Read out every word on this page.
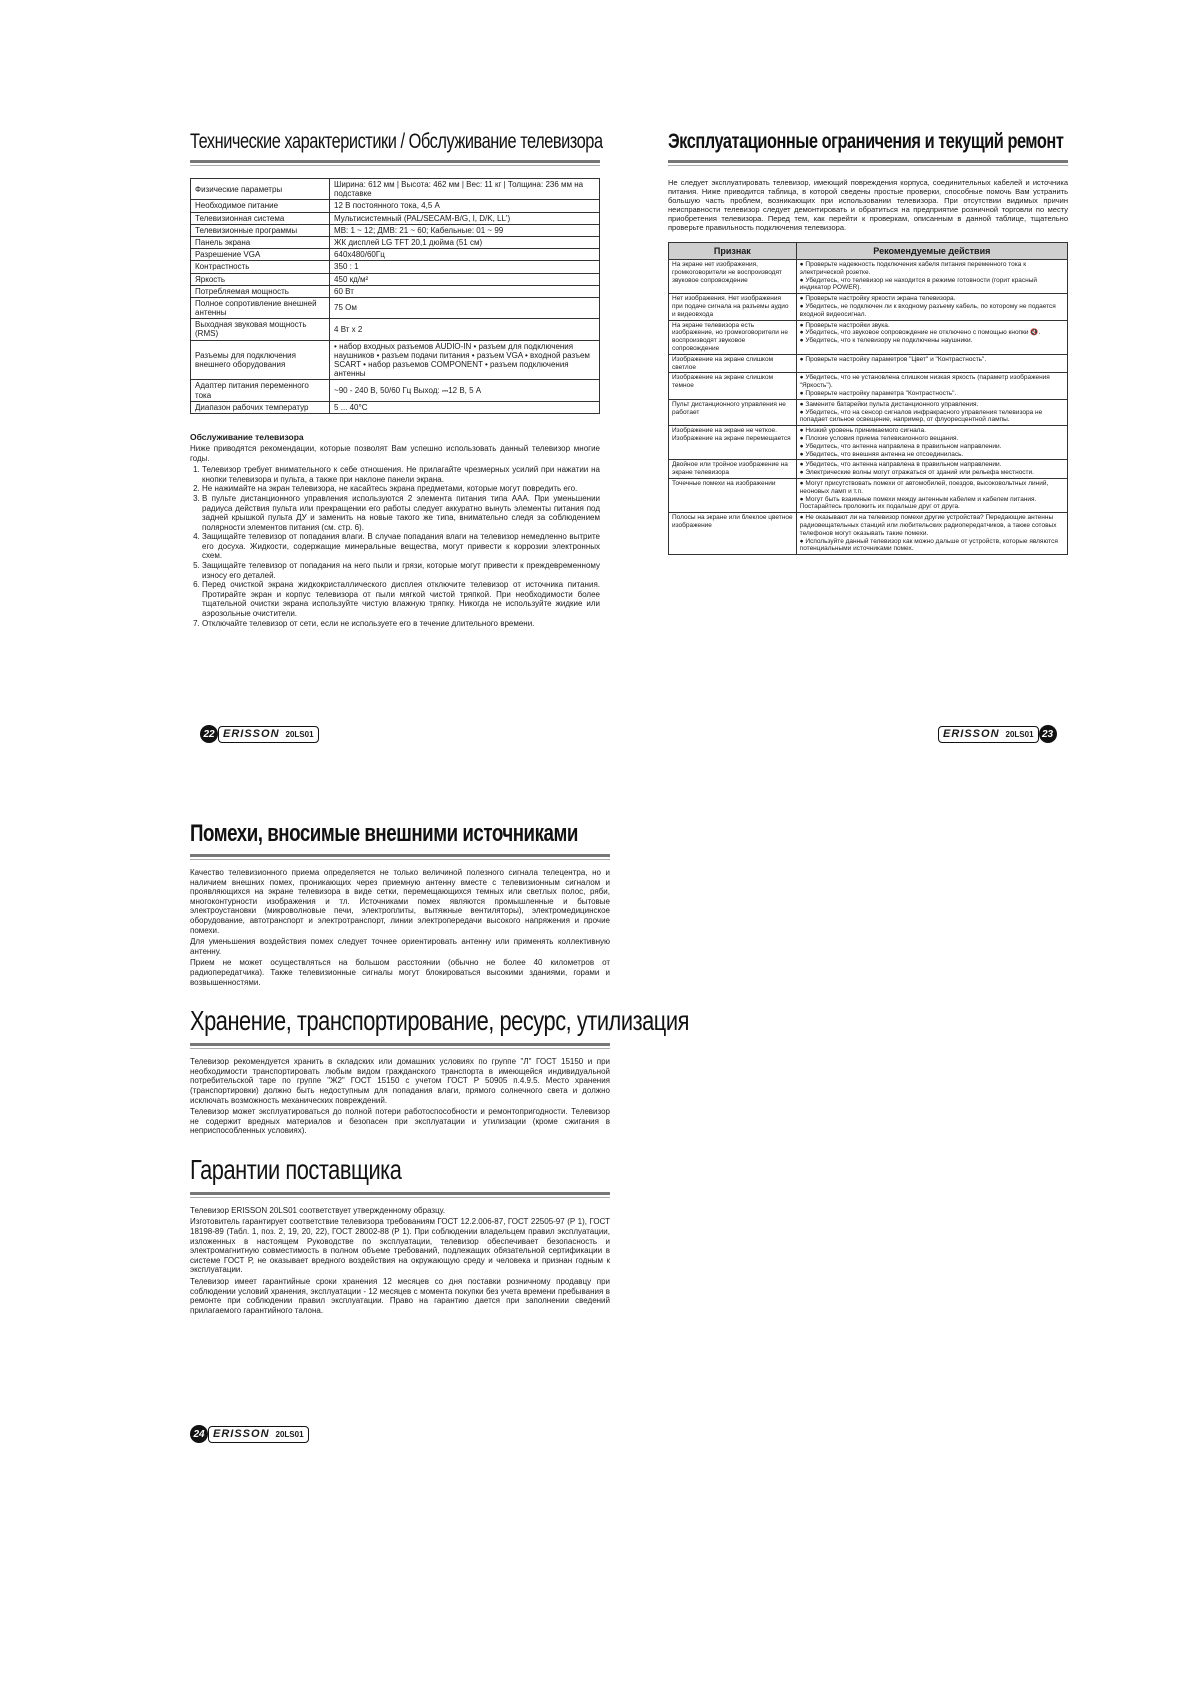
Технические характеристики / Обслуживание телевизора
Физические параметры	Ширина: 612 мм | Высота: 462 мм | Вес: 11 кг | Толщина: 236 мм на подставке
Необходимое питание	12 В постоянного тока, 4,5 А
Телевизионная система	Мультисистемный (PAL/SECAM-B/G, I, D/K, LL')
Телевизионные программы	МВ: 1 ~ 12; ДМВ: 21 ~ 60; Кабельные: 01 ~ 99
Панель экрана	ЖК дисплей LG TFT 20,1 дюйма (51 см)
Разрешение VGA	640х480/60Гц
Контрастность	350 : 1
Яркость	450 кд/м²
Потребляемая мощность	60 Вт
Полное сопротивление внешней антенны	75 Ом
Выходная звуковая мощность (RMS)	4 Вт х 2
Разъемы для подключения внешнего оборудования	• набор входных разъемов AUDIO-IN • разъем для подключения наушников • разъем подачи питания • разъем VGA • входной разъем SCART • набор разъемов COMPONENT • разъем подключения антенны
Адаптер питания переменного тока	~90 - 240 В, 50/60 Гц Выход: ⎓12 В, 5 А
Диапазон рабочих температур	5 ... 40°C
Обслуживание телевизора

Ниже приводятся рекомендации, которые позволят Вам успешно использовать данный телевизор многие годы.

1. Телевизор требует внимательного к себе отношения. Не прилагайте чрезмерных усилий при нажатии на кнопки телевизора и пульта, а также при наклоне панели экрана.
2. Не нажимайте на экран телевизора, не касайтесь экрана предметами, которые могут повредить его.
3. В пульте дистанционного управления используются 2 элемента питания типа ААА. При уменьшении радиуса действия пульта или прекращении его работы следует аккуратно вынуть элементы питания под задней крышкой пульта ДУ и заменить на новые такого же типа, внимательно следя за соблюдением полярности элементов питания (см. стр. 6).
4. Защищайте телевизор от попадания влаги. В случае попадания влаги на телевизор немедленно вытрите его досуха. Жидкости, содержащие минеральные вещества, могут привести к коррозии электронных схем.
5. Защищайте телевизор от попадания на него пыли и грязи, которые могут привести к преждевременному износу его деталей.
6. Перед очисткой экрана жидкокристаллического дисплея отключите телевизор от источника питания. Протирайте экран и корпус телевизора от пыли мягкой чистой тряпкой. При необходимости более тщательной очистки экрана используйте чистую влажную тряпку. Никогда не используйте жидкие или аэрозольные очистители.
7. Отключайте телевизор от сети, если не используете его в течение длительного времени.
22 ERISSON 20LS01
Эксплуатационные ограничения и текущий ремонт

Не следует эксплуатировать телевизор, имеющий повреждения корпуса, соединительных кабелей и источника питания. Ниже приводится таблица, в которой сведены простые проверки, способные помочь Вам устранить большую часть проблем, возникающих при использовании телевизора. При отсутствии видимых причин неисправности телевизор следует демонтировать и обратиться на предприятие розничной торговли по месту приобретения телевизора. Перед тем, как перейти к проверкам, описанным в данной таблице, тщательно проверьте правильность подключения телевизора.

Признак	Рекомендуемые действия
На экране нет изображения, громкоговорители не воспроизводят звуковое сопровождение	● Проверьте надежность подключения кабеля питания переменного тока к электрической розетке.
● Убедитесь, что телевизор не находится в режиме готовности (горит красный индикатор POWER).

Нет изображения. Нет изображения при подаче сигнала на разъемы аудио и видеовхода	● Проверьте настройку яркости экрана телевизора.
● Убедитесь, не подключен ли к входному разъему кабель, по которому не подается входной видеосигнал.

На экране телевизора есть изображение, но громкоговорители не воспроизводят звуковое сопровождение	● Проверьте настройки звука.
● Убедитесь, что звуковое сопровождение не отключено с помощью кнопки 🔇.
● Убедитесь, что к телевизору не подключены наушники.

Изображение на экране слишком светлое	● Проверьте настройку параметров "Цвет" и "Контрастность".

Изображение на экране слишком темное	● Убедитесь, что не установлена слишком низкая яркость (параметр изображения "Яркость").
● Проверьте настройку параметра "Контрастность".

Пульт дистанционного управления не работает	● Замените батарейки пульта дистанционного управления.
● Убедитесь, что на сенсор сигналов инфракрасного управления телевизора не попадает сильное освещение, например, от флуоресцентной лампы.

Изображение на экране не четкое. Изображение на экране перемещается	● Низкий уровень принимаемого сигнала.
● Плохие условия приема телевизионного вещания.
● Убедитесь, что антенна направлена в правильном направлении.
● Убедитесь, что внешняя антенна не отсоединилась.

Двойное или тройное изображение на экране телевизора	● Убедитесь, что антенна направлена в правильном направлении.
● Электрические волны могут отражаться от зданий или рельефа местности.

Точечные помехи на изображении	● Могут присутствовать помехи от автомобилей, поездов, высоковольтных линий, неоновых ламп и т.п.
● Могут быть взаимные помехи между антенным кабелем и кабелем питания. Постарайтесь проложить их подальше друг от друга.

Полосы на экране или блеклое цветное изображение	● Не оказывают ли на телевизор помехи другие устройства? Передающие антенны радиовещательных станций или любительских радиопередатчиков, а также сотовых телефонов могут оказывать такие помехи.
● Используйте данный телевизор как можно дальше от устройств, которые являются потенциальными источниками помех.
ERISSON 20LS01 23
Помехи, вносимые внешними источниками

Качество телевизионного приема определяется не только величиной полезного сигнала телецентра, но и наличием внешних помех, проникающих через приемную антенну вместе с телевизионным сигналом и проявляющихся на экране телевизора в виде сетки, перемещающихся темных или светлых полос, ряби, многоконтурности изображения и тл. Источниками помех являются промышленные и бытовые электроустановки (микроволновые печи, электроплиты, вытяжные вентиляторы), электромедицинское оборудование, автотранспорт и электротранспорт, линии электропередачи высокого напряжения и прочие помехи.

Для уменьшения воздействия помех следует точнее ориентировать антенну или применять коллективную антенну.

Прием не может осуществляться на большом расстоянии (обычно не более 40 километров от радиопередатчика). Также телевизионные сигналы могут блокироваться высокими зданиями, горами и возвышенностями.

Хранение, транспортирование, ресурс, утилизация

Телевизор рекомендуется хранить в складских или домашних условиях по группе "Л" ГОСТ 15150 и при необходимости транспортировать любым видом гражданского транспорта в имеющейся индивидуальной потребительской таре по группе "Ж2" ГОСТ 15150 с учетом ГОСТ Р 50905 п.4.9.5. Место хранения (транспортировки) должно быть недоступным для попадания влаги, прямого солнечного света и должно исключать возможность механических повреждений.

Телевизор может эксплуатироваться до полной потери работоспособности и ремонтопригодности. Телевизор не содержит вредных материалов и безопасен при эксплуатации и утилизации (кроме сжигания в неприспособленных условиях).

Гарантии поставщика

Телевизор ERISSON 20LS01 соответствует утвержденному образцу.

Изготовитель гарантирует соответствие телевизора требованиям ГОСТ 12.2.006-87, ГОСТ 22505-97 (Р 1), ГОСТ 18198-89 (Табл. 1, поз. 2, 19, 20, 22), ГОСТ 28002-88 (Р 1). При соблюдении владельцем правил эксплуатации, изложенных в настоящем Руководстве по эксплуатации, телевизор обеспечивает безопасность и электромагнитную совместимость в полном объеме требований, подлежащих обязательной сертификации в системе ГОСТ Р, не оказывает вредного воздействия на окружающую среду и человека и признан годным к эксплуатации.

Телевизор имеет гарантийные сроки хранения 12 месяцев со дня поставки розничному продавцу при соблюдении условий хранения, эксплуатации - 12 месяцев с момента покупки без учета времени пребывания в ремонте при соблюдении правил эксплуатации. Право на гарантию дается при заполнении сведений прилагаемого гарантийного талона.

24 ERISSON 20LS01
